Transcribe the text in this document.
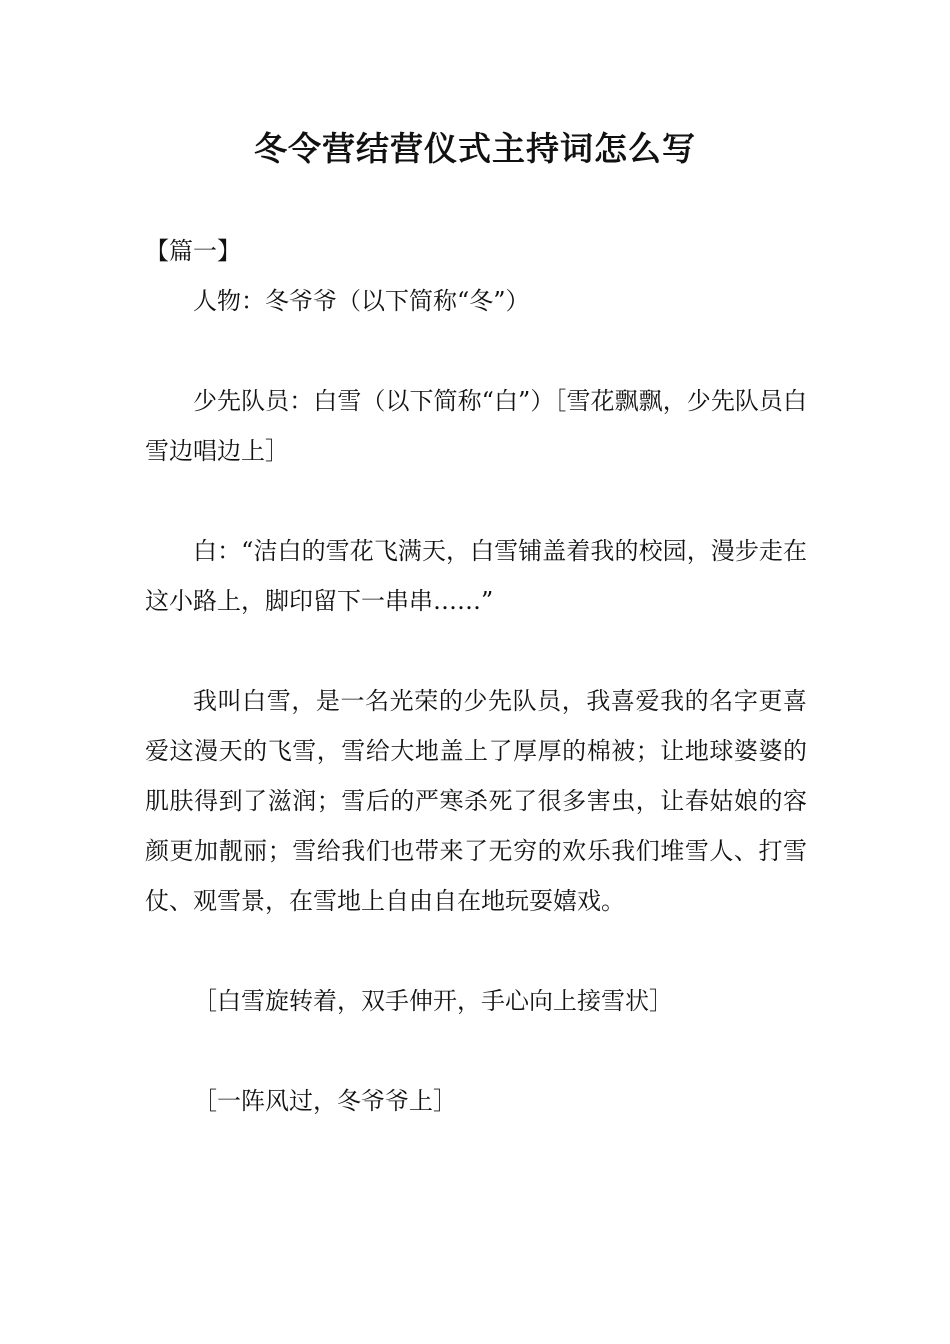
冬令营结营仪式主持词怎么写

【篇一】

人物：冬爷爷（以下简称“冬”）

少先队员：白雪（以下简称“白”）［雪花飘飘，少先队员白雪边唱边上］

白：“洁白的雪花飞满天，白雪铺盖着我的校园，漫步走在这小路上，脚印留下一串串……”

我叫白雪，是一名光荣的少先队员，我喜爱我的名字更喜爱这漫天的飞雪，雪给大地盖上了厚厚的棉被；让地球婆婆的肌肤得到了滋润；雪后的严寒杀死了很多害虫，让春姑娘的容颜更加靓丽；雪给我们也带来了无穷的欢乐我们堆雪人、打雪仗、观雪景，在雪地上自由自在地玩耍嬉戏。

［白雪旋转着，双手伸开，手心向上接雪状］

［一阵风过，冬爷爷上］
